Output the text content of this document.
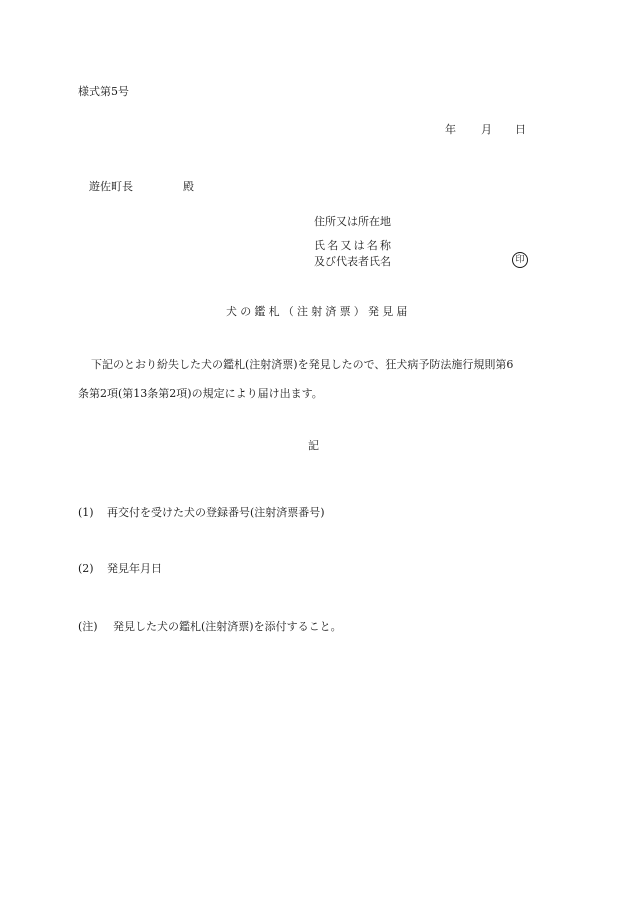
様式第5号
年 月 日
遊佐町長	殿
住所又は所在地
氏名又は名称
及び代表者氏名	印
犬の鑑札（注射済票）発見届
下記のとおり紛失した犬の鑑札(注射済票)を発見したので、狂犬病予防法施行規則第6
条第2項(第13条第2項)の規定により届け出ます。
記
(1) 再交付を受けた犬の登録番号(注射済票番号)
(2) 発見年月日
(注) 発見した犬の鑑札(注射済票)を添付すること。
